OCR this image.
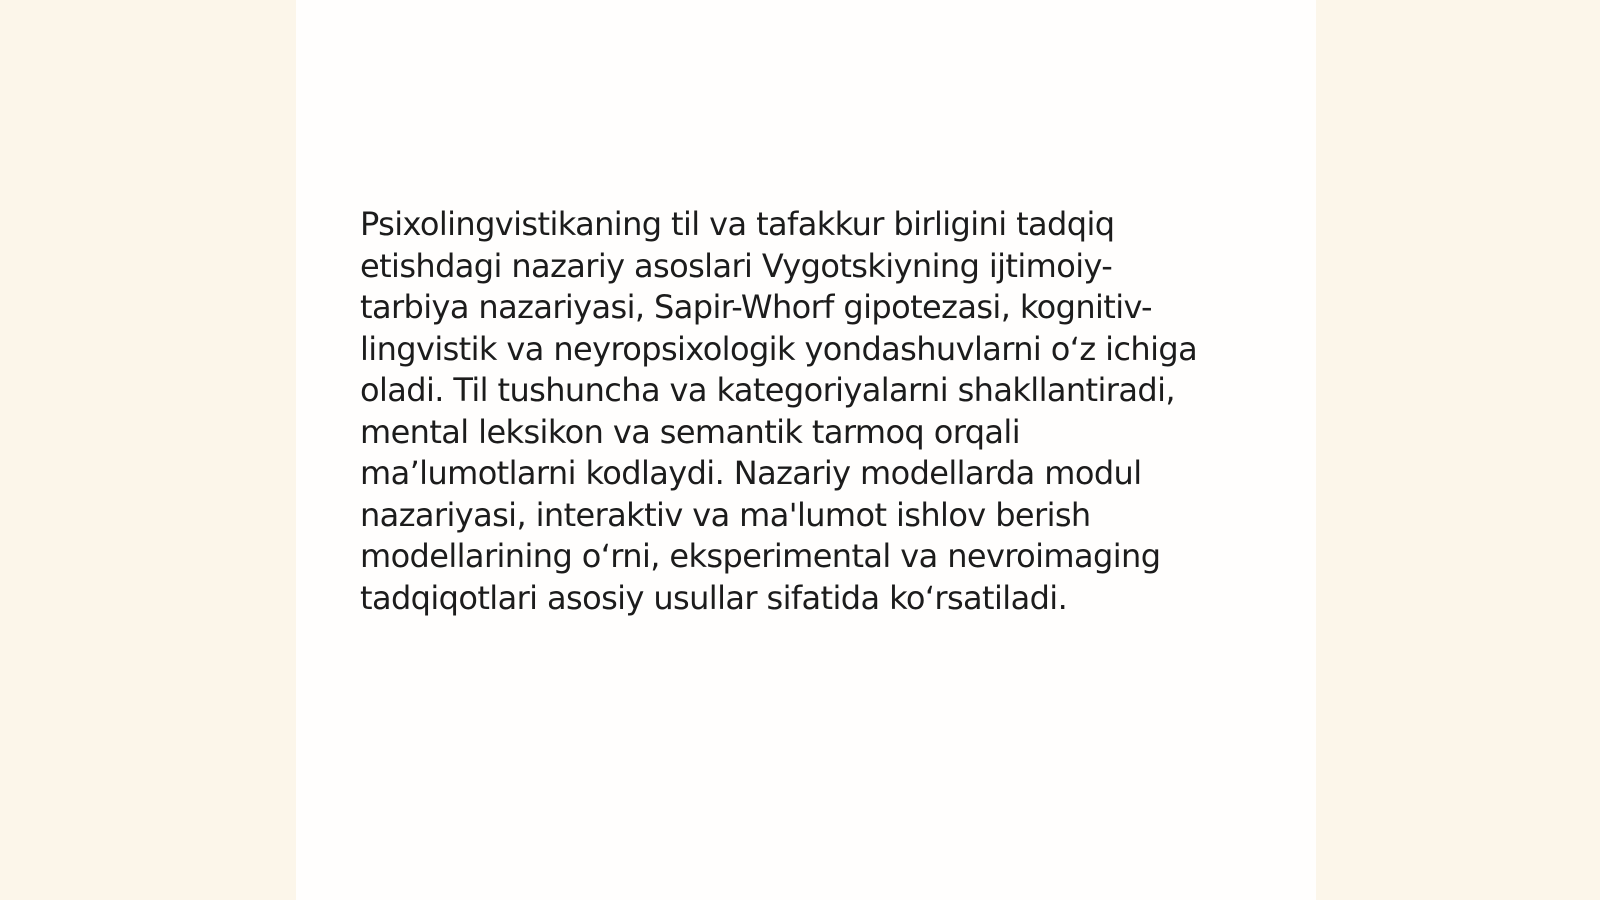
Psixolingvistikaning til va tafakkur birligini tadqiq
etishdagi nazariy asoslari Vygotskiyning ijtimoiy-
tarbiya nazariyasi, Sapir-Whorf gipotezasi, kognitiv-
lingvistik va neyropsixologik yondashuvlarni oʻz ichiga
oladi. Til tushuncha va kategoriyalarni shakllantiradi,
mental leksikon va semantik tarmoq orqali
maʼlumotlarni kodlaydi. Nazariy modellarda modul
nazariyasi, interaktiv va ma'lumot ishlov berish
modellarining oʻrni, eksperimental va nevroimaging
tadqiqotlari asosiy usullar sifatida koʻrsatiladi.
